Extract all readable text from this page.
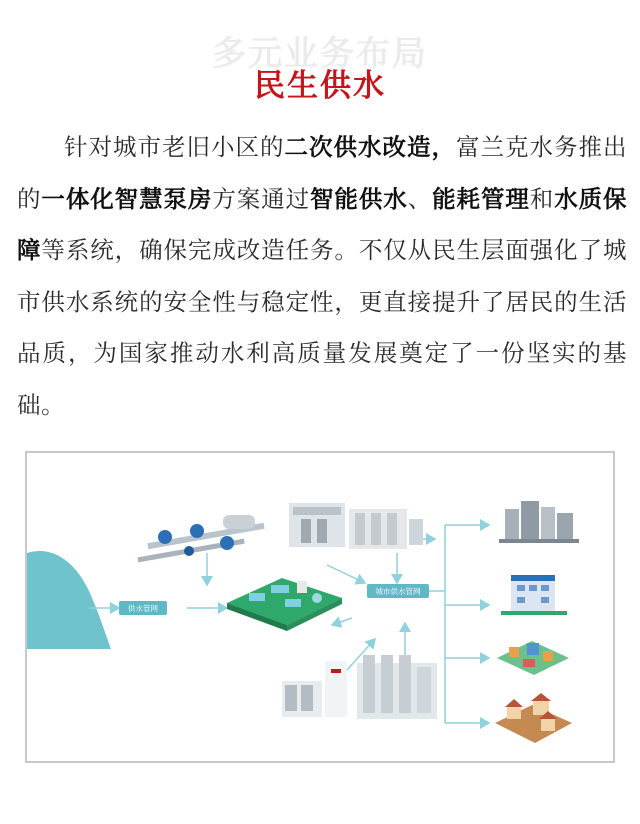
多元业务布局
民生供水
针对城市老旧小区的二次供水改造，富兰克水务推出的一体化智慧泵房方案通过智能供水、能耗管理和水质保障等系统，确保完成改造任务。不仅从民生层面强化了城市供水系统的安全性与稳定性，更直接提升了居民的生活品质，为国家推动水利高质量发展奠定了一份坚实的基础。
供水管网
城市供水管网
